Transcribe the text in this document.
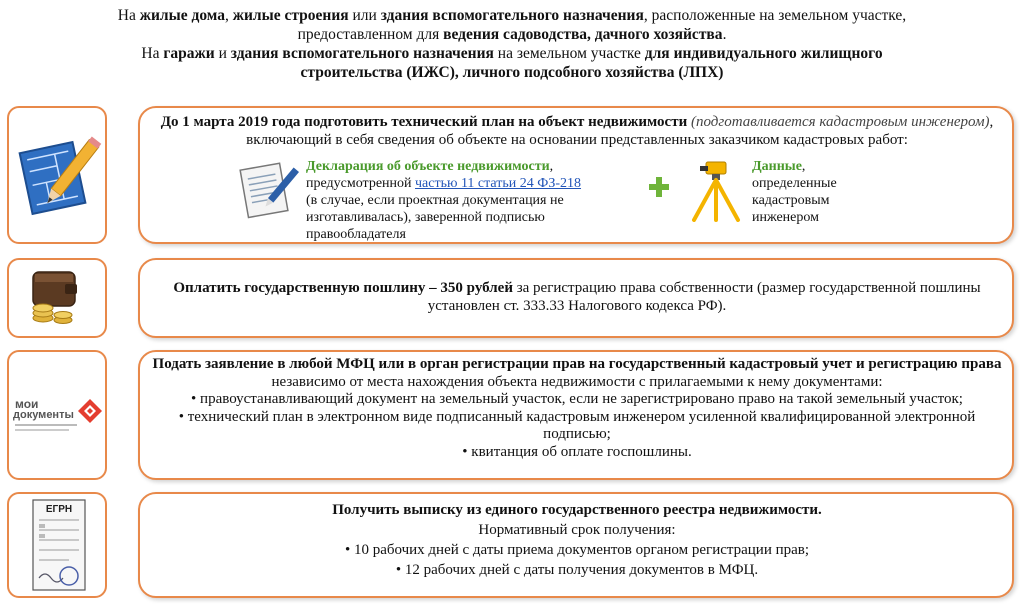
На жилые дома, жилые строения или здания вспомогательного назначения, расположенные на земельном участке,
предоставленном для ведения садоводства, дачного хозяйства.
На гаражи и здания вспомогательного назначения на земельном участке для индивидуального жилищного
строительства (ИЖС), личного подсобного хозяйства (ЛПХ)
До 1 марта 2019 года подготовить технический план на объект недвижимости (подготавливается кадастровым инженером), включающий в себя сведения об объекте на основании представленных заказчиком кадастровых работ:
Декларация об объекте недвижимости,
предусмотренной частью 11 статьи 24 ФЗ-218
(в случае, если проектная документация не изготавливалась), заверенной подписью правообладателя
Данные,
определенные кадастровым инженером
Оплатить государственную пошлину – 350 рублей за регистрацию права собственности (размер государственной пошлины установлен ст. 333.33 Налогового кодекса РФ).
мои
документы
Подать заявление в любой МФЦ или в орган регистрации прав на государственный кадастровый учет и регистрацию права независимо от места нахождения объекта недвижимости с прилагаемыми к нему документами:
• правоустанавливающий документ на земельный участок, если не зарегистрировано право на такой земельный участок;
• технический план в электронном виде подписанный кадастровым инженером усиленной квалифицированной электронной подписью;
• квитанция об оплате госпошлины.
ЕГРН	Получить выписку из единого государственного реестра недвижимости.
Нормативный срок получения:
• 10 рабочих дней с даты приема документов органом регистрации прав;
• 12 рабочих дней с даты получения документов в МФЦ.
